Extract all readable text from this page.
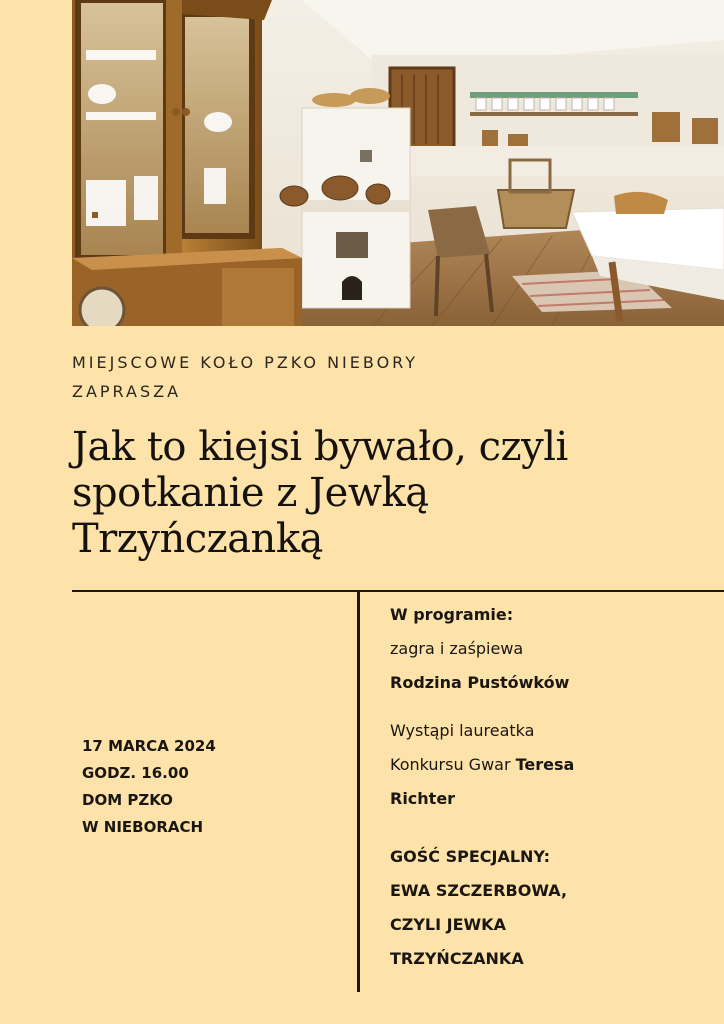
MIEJSCOWE KOŁO PZKO NIEBORY
ZAPRASZA
Jak to kiejsi bywało, czyli
spotkanie z Jewką
Trzyńczanką
17 MARCA 2024
GODZ. 16.00
DOM PZKO
W NIEBORACH
W programie:
zagra i zaśpiewa
Rodzina Pustówków
Wystąpi laureatka
Konkursu Gwar Teresa
Richter
GOŚĆ SPECJALNY:
EWA SZCZERBOWA,
CZYLI JEWKA
TRZYŃCZANKA
